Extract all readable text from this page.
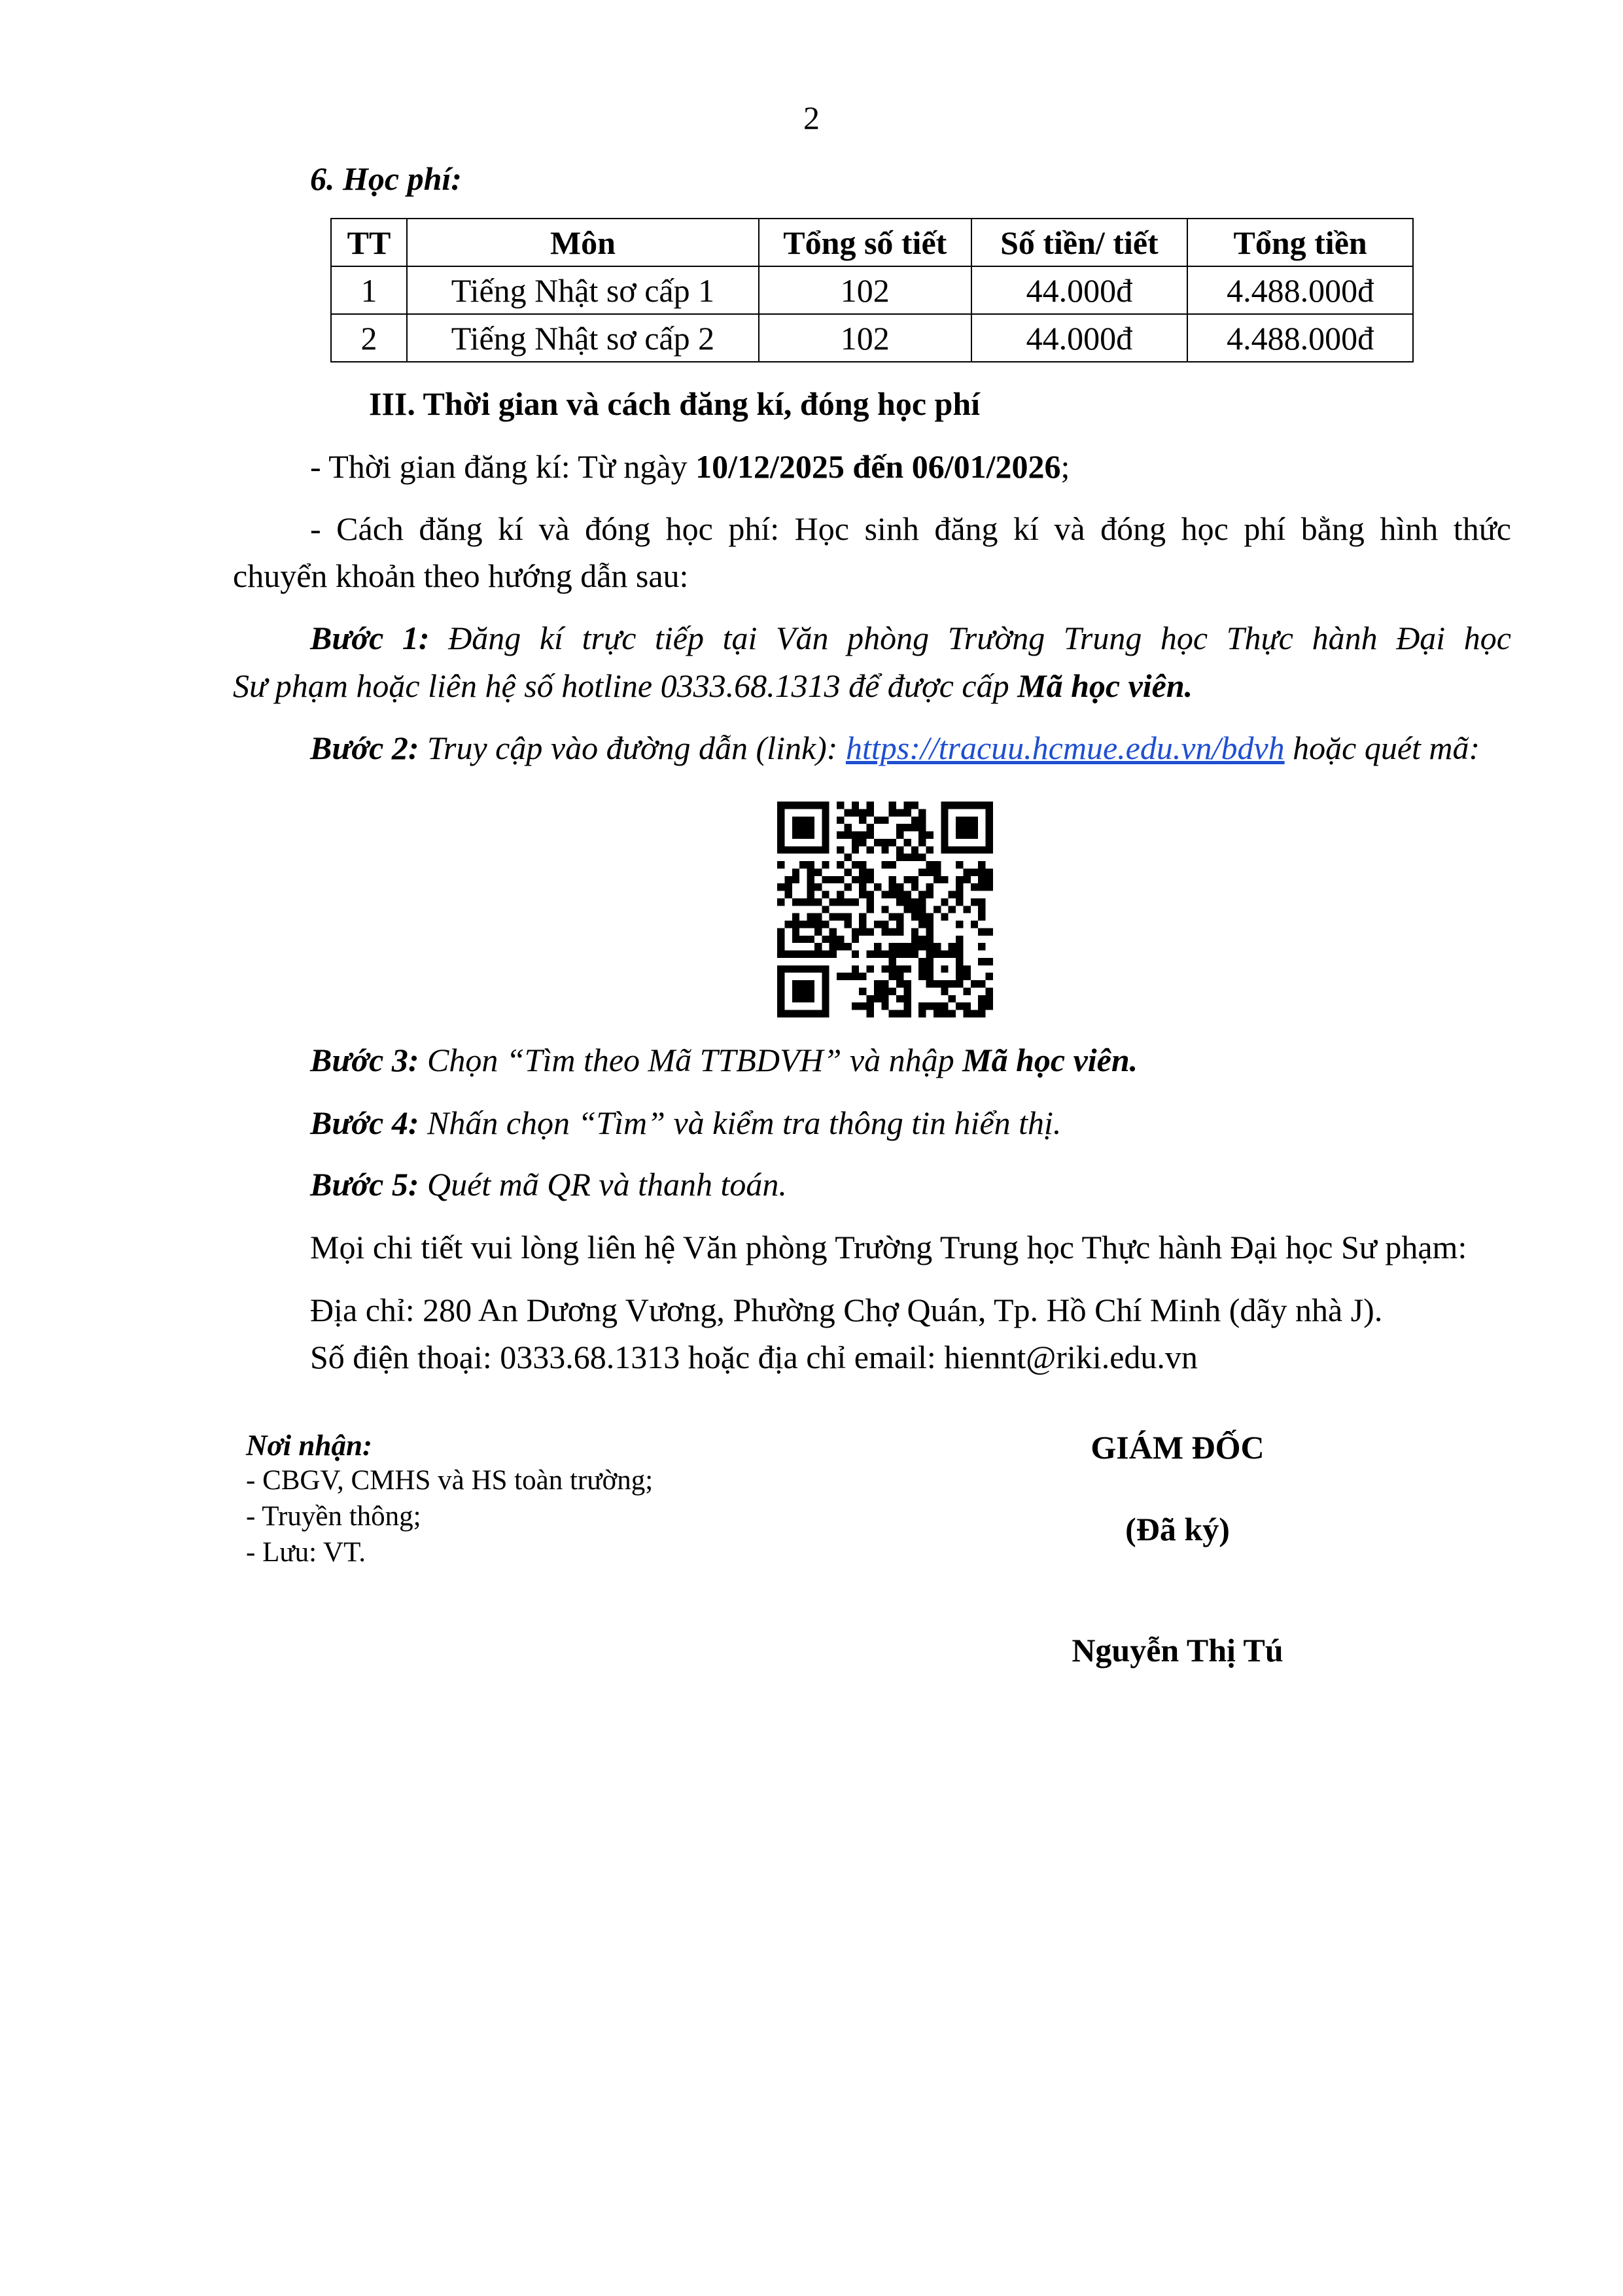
2
6. Học phí:
TT	Môn	Tổng số tiết	Số tiền/ tiết	Tổng tiền
1	Tiếng Nhật sơ cấp 1	102	44.000đ	4.488.000đ
2	Tiếng Nhật sơ cấp 2	102	44.000đ	4.488.000đ
III. Thời gian và cách đăng kí, đóng học phí
- Thời gian đăng kí: Từ ngày 10/12/2025 đến 06/01/2026;
- Cách đăng kí và đóng học phí: Học sinh đăng kí và đóng học phí bằng hình thức
chuyển khoản theo hướng dẫn sau:
Bước 1: Đăng kí trực tiếp tại Văn phòng Trường Trung học Thực hành Đại học
Sư phạm hoặc liên hệ số hotline 0333.68.1313 để được cấp Mã học viên.
Bước 2: Truy cập vào đường dẫn (link): https://tracuu.hcmue.edu.vn/bdvh hoặc quét mã:
Bước 3: Chọn “Tìm theo Mã TTBDVH” và nhập Mã học viên.
Bước 4: Nhấn chọn “Tìm” và kiểm tra thông tin hiển thị.
Bước 5: Quét mã QR và thanh toán.
Mọi chi tiết vui lòng liên hệ Văn phòng Trường Trung học Thực hành Đại học Sư phạm:
Địa chỉ: 280 An Dương Vương, Phường Chợ Quán, Tp. Hồ Chí Minh (dãy nhà J).
Số điện thoại: 0333.68.1313 hoặc địa chỉ email: hiennt@riki.edu.vn
Nơi nhận:
- CBGV, CMHS và HS toàn trường;
- Truyền thông;
- Lưu: VT.
GIÁM ĐỐC
(Đã ký)
Nguyễn Thị Tú
